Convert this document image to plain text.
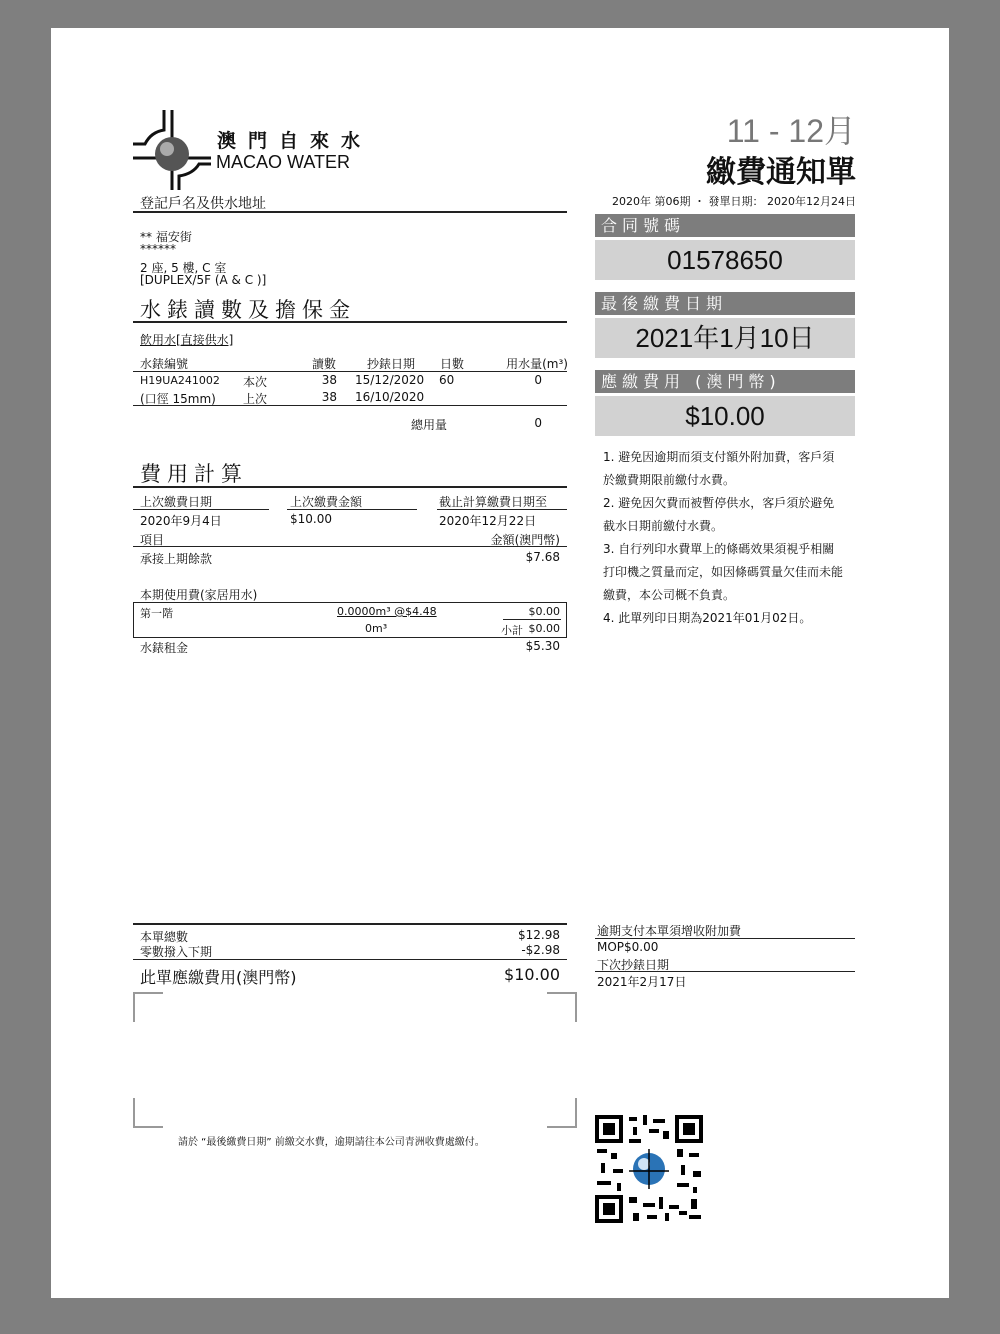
澳門自來水
MACAO WATER
11 - 12月
繳費通知單
2020年 第06期 ・ 發單日期： 2020年12月24日
登記戶名及供水地址
** 福安街
******
2 座, 5 樓, C 室
[DUPLEX/5F (A & C )]
水錶讀數及擔保金
飲用水[直接供水]
水錶編號	讀數	抄錶日期 日數	用水量(m³)
H19UA241002 本次	38 15/12/2020 60	0
(口徑 15mm) 上次	38 16/10/2020
總用量	0
費用計算
上次繳費日期	上次繳費金額	截止計算繳費日期至
2020年9月4日	$10.00	2020年12月22日
項目	金額(澳門幣)
承接上期餘款	$7.68
本期使用費(家居用水)
第一階	0.0000m³ @$4.48	$0.00
0m³	小計 $0.00
水錶租金	$5.30
合同號碼
01578650
最後繳費日期
2021年1月10日
應繳費用 (澳門幣)
$10.00
1. 避免因逾期而須支付額外附加費，客戶須
於繳費期限前繳付水費。
2. 避免因欠費而被暫停供水，客戶須於避免
截水日期前繳付水費。
3. 自行列印水費單上的條碼效果須視乎相關
打印機之質量而定，如因條碼質量欠佳而未能
繳費，本公司概不負責。
4. 此單列印日期為2021年01月02日。
本單總數	$12.98
零數撥入下期	-$2.98
此單應繳費用(澳門幣)	$10.00
逾期支付本單須增收附加費
MOP$0.00
下次抄錶日期
2021年2月17日
請於 “最後繳費日期” 前繳交水費，逾期請往本公司青洲收費處繳付。
